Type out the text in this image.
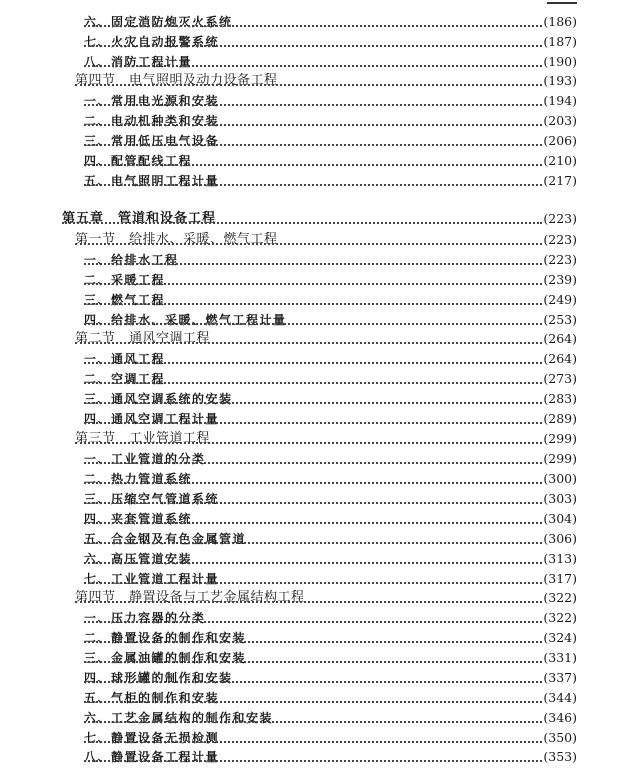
六、固定消防炮灭火系统	(186)
七、火灾自动报警系统	(187)
八、消防工程计量	(190)
第四节　电气照明及动力设备工程	(193)
一、常用电光源和安装	(194)
二、电动机种类和安装	(203)
三、常用低压电气设备	(206)
四、配管配线工程	(210)
五、电气照明工程计量	(217)
第五章　管道和设备工程	(223)
第一节　给排水、采暖、燃气工程	(223)
一、给排水工程	(223)
二、采暖工程	(239)
三、燃气工程	(249)
四、给排水、采暖、燃气工程计量	(253)
第二节　通风空调工程	(264)
一、通风工程	(264)
二、空调工程	(273)
三、通风空调系统的安装	(283)
四、通风空调工程计量	(289)
第三节　工业管道工程	(299)
一、工业管道的分类	(299)
二、热力管道系统	(300)
三、压缩空气管道系统	(303)
四、夹套管道系统	(304)
五、合金钢及有色金属管道	(306)
六、高压管道安装	(313)
七、工业管道工程计量	(317)
第四节　静置设备与工艺金属结构工程	(322)
一、压力容器的分类	(322)
二、静置设备的制作和安装	(324)
三、金属油罐的制作和安装	(331)
四、球形罐的制作和安装	(337)
五、气柜的制作和安装	(344)
六、工艺金属结构的制作和安装	(346)
七、静置设备无损检测	(350)
八、静置设备工程计量	(353)
